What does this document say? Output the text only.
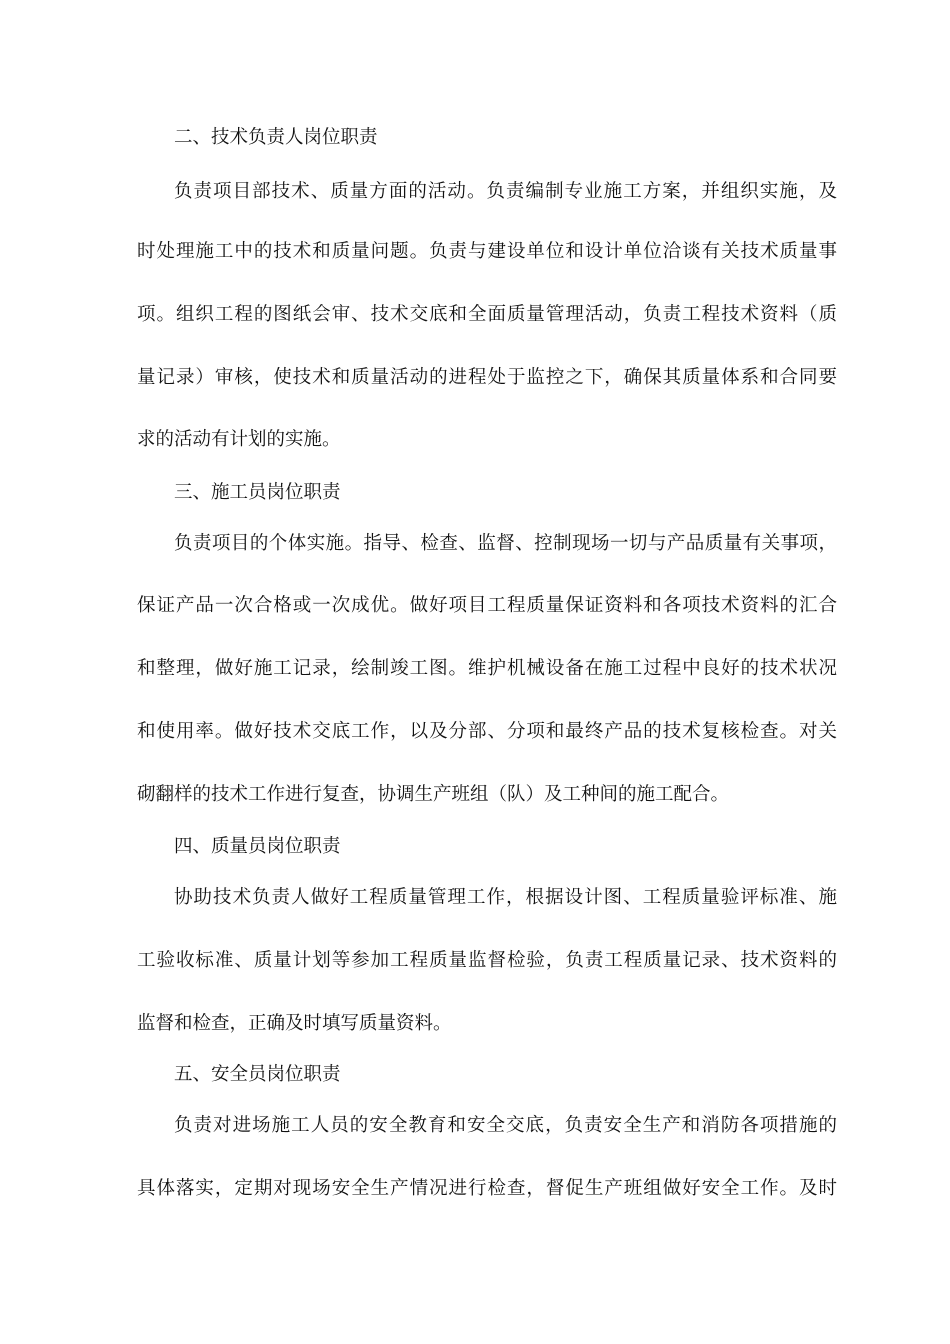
二、技术负责人岗位职责
负责项目部技术、质量方面的活动。负责编制专业施工方案，并组织实施，及
时处理施工中的技术和质量问题。负责与建设单位和设计单位洽谈有关技术质量事
项。组织工程的图纸会审、技术交底和全面质量管理活动，负责工程技术资料（质
量记录）审核，使技术和质量活动的进程处于监控之下，确保其质量体系和合同要
求的活动有计划的实施。
三、施工员岗位职责
负责项目的个体实施。指导、检查、监督、控制现场一切与产品质量有关事项，
保证产品一次合格或一次成优。做好项目工程质量保证资料和各项技术资料的汇合
和整理，做好施工记录，绘制竣工图。维护机械设备在施工过程中良好的技术状况
和使用率。做好技术交底工作，以及分部、分项和最终产品的技术复核检查。对关
砌翻样的技术工作进行复查，协调生产班组（队）及工种间的施工配合。
四、质量员岗位职责
协助技术负责人做好工程质量管理工作，根据设计图、工程质量验评标准、施
工验收标准、质量计划等参加工程质量监督检验，负责工程质量记录、技术资料的
监督和检查，正确及时填写质量资料。
五、安全员岗位职责
负责对进场施工人员的安全教育和安全交底，负责安全生产和消防各项措施的
具体落实，定期对现场安全生产情况进行检查，督促生产班组做好安全工作。及时
